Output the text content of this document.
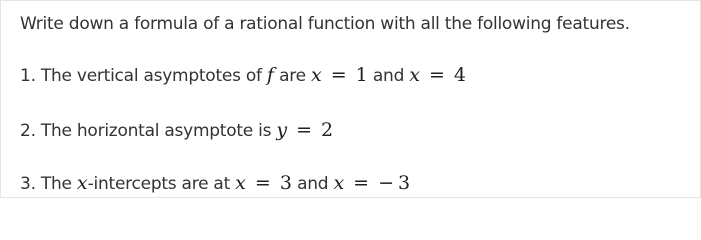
Write down a formula of a rational function with all the following features.
1. The vertical asymptotes of f are x = 1 and x = 4
2. The horizontal asymptote is y = 2
3. The x-intercepts are at x = 3 and x = − 3
